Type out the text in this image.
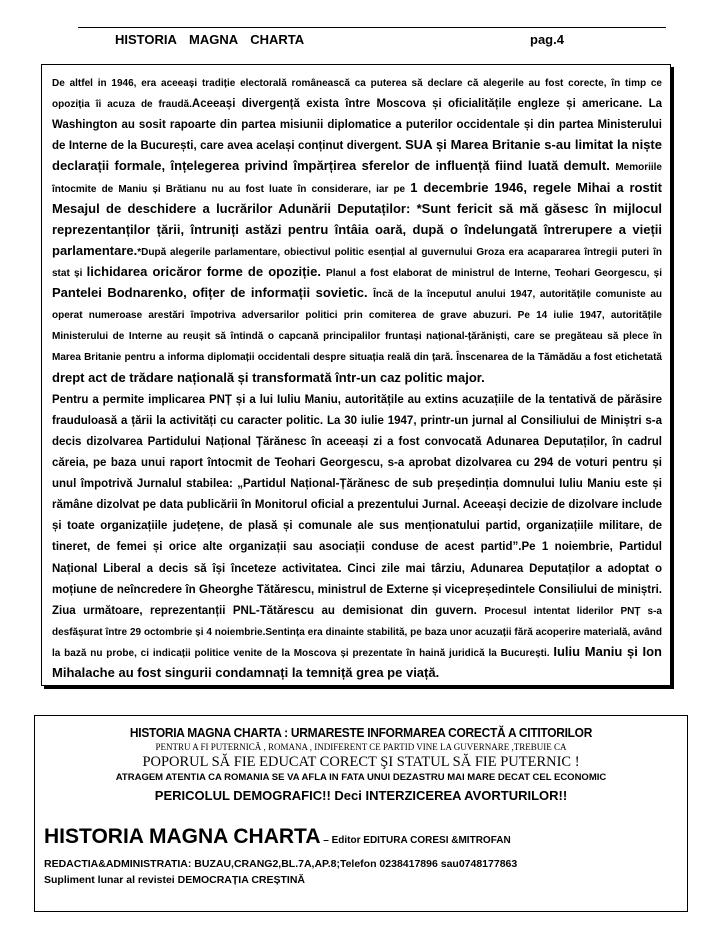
HISTORIA MAGNA CHARTA	pag.4

De altfel in 1946, era aceeași tradiție electorală românească ca puterea să declare că alegerile au fost corecte, în timp ce opoziția îi acuza de fraudă.Aceeași divergență exista între Moscova și oficialitățile engleze și americane. La Washington au sosit rapoarte din partea misiunii diplomatice a puterilor occidentale și din partea Ministerului de Interne de la București, care avea același conținut divergent. SUA și Marea Britanie s-au limitat la niște declarații formale, înțelegerea privind împărțirea sferelor de influență fiind luată demult. Memoriile întocmite de Maniu și Brătianu nu au fost luate în considerare, iar pe 1 decembrie 1946, regele Mihai a rostit Mesajul de deschidere a lucrărilor Adunării Deputaților: *Sunt fericit să mă găsesc în mijlocul reprezentanților țării, întruniți astăzi pentru întâia oară, după o îndelungată întrerupere a vieții parlamentare.*După alegerile parlamentare, obiectivul politic esențial al guvernului Groza era acapararea întregii puteri în stat și lichidarea oricăror forme de opoziție. Planul a fost elaborat de ministrul de Interne, Teohari Georgescu, și Pantelei Bodnarenko, ofițer de informații sovietic. Încă de la începutul anului 1947, autoritățile comuniste au operat numeroase arestări împotriva adversarilor politici prin comiterea de grave abuzuri. Pe 14 iulie 1947, autoritățile Ministerului de Interne au reușit să întindă o capcană principalilor fruntași național-țărăniști, care se pregăteau să plece în Marea Britanie pentru a informa diplomații occidentali despre situația reală din țară. Înscenarea de la Tămădău a fost etichetată drept act de trădare națională și transformată într-un caz politic major.

Pentru a permite implicarea PNȚ și a lui Iuliu Maniu, autoritățile au extins acuzațiile de la tentativă de părăsire frauduloasă a țării la activități cu caracter politic. La 30 iulie 1947, printr-un jurnal al Consiliului de Miniștri s-a decis dizolvarea Partidului Național Țărănesc în aceeași zi a fost convocată Adunarea Deputaților, în cadrul căreia, pe baza unui raport întocmit de Teohari Georgescu, s-a aprobat dizolvarea cu 294 de voturi pentru și unul împotrivă Jurnalul stabilea: „Partidul Național-Țărănesc de sub președinția domnului Iuliu Maniu este și rămâne dizolvat pe data publicării în Monitorul oficial a prezentului Jurnal. Aceeași decizie de dizolvare include și toate organizațiile județene, de plasă și comunale ale sus menționatului partid, organizațiile militare, de tineret, de femei și orice alte organizații sau asociații conduse de acest partid”.Pe 1 noiembrie, Partidul Național Liberal a decis să își înceteze activitatea. Cinci zile mai târziu, Adunarea Deputaților a adoptat o moțiune de neîncredere în Gheorghe Tătărescu, ministrul de Externe și vicepreședintele Consiliului de miniștri. Ziua următoare, reprezentanții PNL-Tătărescu au demisionat din guvern. Procesul intentat liderilor PNȚ s-a desfășurat între 29 octombrie și 4 noiembrie.Sentința era dinainte stabilită, pe baza unor acuzații fără acoperire materială, având la bază nu probe, ci indicații politice venite de la Moscova și prezentate în haină juridică la București. Iuliu Maniu și Ion Mihalache au fost singurii condamnați la temniță grea pe viață.

HISTORIA MAGNA CHARTA : URMARESTE INFORMAREA CORECTĂ A CITITORILOR
PENTRU A FI PUTERNICĂ , ROMANA , INDIFERENT CE PARTID VINE LA GUVERNARE ,TREBUIE CA
POPORUL SĂ FIE EDUCAT CORECT ŞI STATUL SĂ FIE PUTERNIC !
ATRAGEM ATENTIA CA ROMANIA SE VA AFLA IN FATA UNUI DEZASTRU MAI MARE DECAT CEL ECONOMIC
PERICOLUL DEMOGRAFIC!! Deci INTERZICEREA AVORTURILOR!!
HISTORIA MAGNA CHARTA – Editor EDITURA CORESI &MITROFAN
REDACTIA&ADMINISTRATIA: BUZAU,CRANG2,BL.7A,AP.8;Telefon 0238417896 sau0748177863
Supliment lunar al revistei DEMOCRAȚIA CREȘTINĂ
